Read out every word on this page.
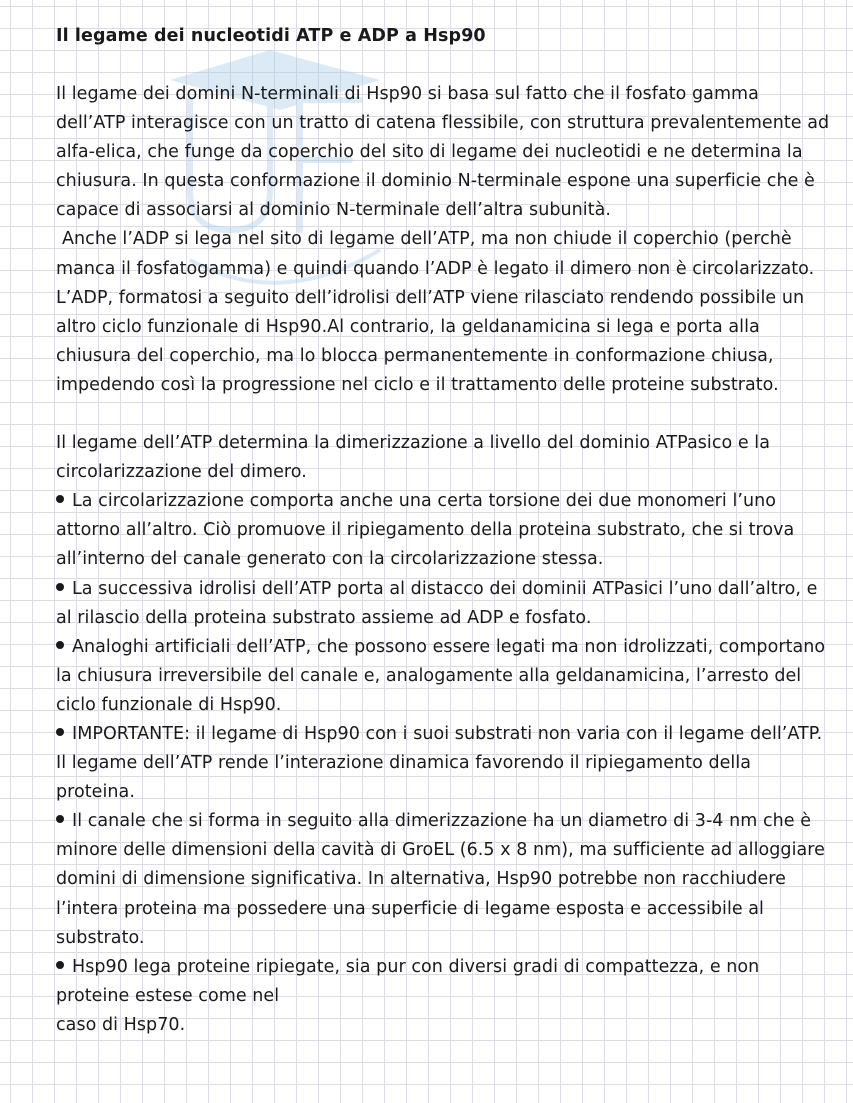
Il legame dei nucleotidi ATP e ADP a Hsp90

Il legame dei domini N-terminali di Hsp90 si basa sul fatto che il fosfato gamma dell’ATP interagisce con un tratto di catena flessibile, con struttura prevalentemente ad alfa-elica, che funge da coperchio del sito di legame dei nucleotidi e ne determina la chiusura. In questa conformazione il dominio N-terminale espone una superficie che è capace di associarsi al dominio N-terminale dell’altra subunità.

Anche l’ADP si lega nel sito di legame dell’ATP, ma non chiude il coperchio (perchè manca il fosfatogamma) e quindi quando l’ADP è legato il dimero non è circolarizzato. L’ADP, formatosi a seguito dell’idrolisi dell’ATP viene rilasciato rendendo possibile un altro ciclo funzionale di Hsp90.Al contrario, la geldanamicina si lega e porta alla chiusura del coperchio, ma lo blocca permanentemente in conformazione chiusa, impedendo così la progressione nel ciclo e il trattamento delle proteine substrato.

Il legame dell’ATP determina la dimerizzazione a livello del dominio ATPasico e la circolarizzazione del dimero.

La circolarizzazione comporta anche una certa torsione dei due monomeri l’uno attorno all’altro. Ciò promuove il ripiegamento della proteina substrato, che si trova all’interno del canale generato con la circolarizzazione stessa.

La successiva idrolisi dell’ATP porta al distacco dei dominii ATPasici l’uno dall’altro, e al rilascio della proteina substrato assieme ad ADP e fosfato.

Analoghi artificiali dell’ATP, che possono essere legati ma non idrolizzati, comportano la chiusura irreversibile del canale e, analogamente alla geldanamicina, l’arresto del ciclo funzionale di Hsp90.

IMPORTANTE: il legame di Hsp90 con i suoi substrati non varia con il legame dell’ATP. Il legame dell’ATP rende l’interazione dinamica favorendo il ripiegamento della proteina.

Il canale che si forma in seguito alla dimerizzazione ha un diametro di 3-4 nm che è minore delle dimensioni della cavità di GroEL (6.5 x 8 nm), ma sufficiente ad alloggiare domini di dimensione significativa. In alternativa, Hsp90 potrebbe non racchiudere l’intera proteina ma possedere una superficie di legame esposta e accessibile al substrato.

Hsp90 lega proteine ripiegate, sia pur con diversi gradi di compattezza, e non proteine estese come nel

caso di Hsp70.
